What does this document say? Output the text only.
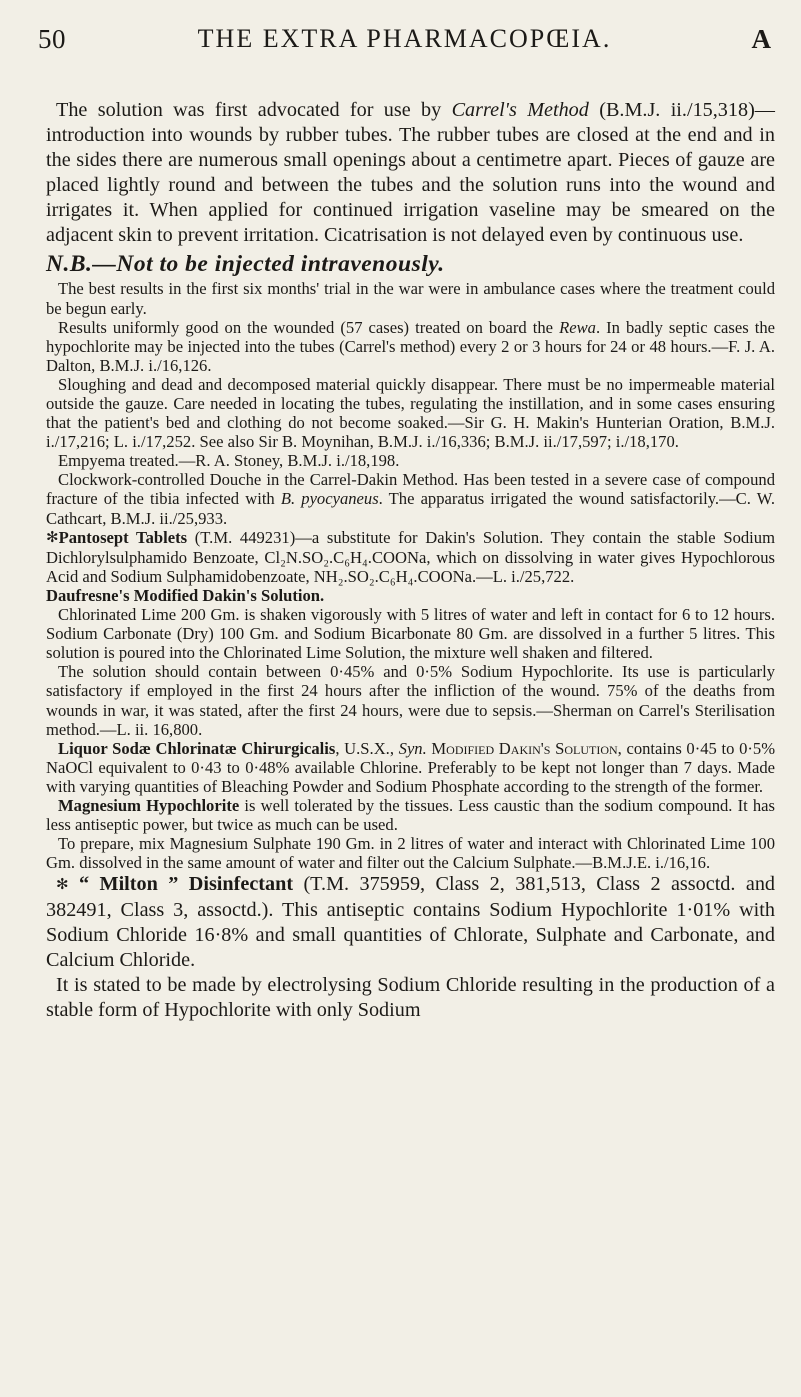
50	THE EXTRA PHARMACOPŒIA.	A

The solution was first advocated for use by Carrel's Method (B.M.J. ii./15,318)—introduction into wounds by rubber tubes. The rubber tubes are closed at the end and in the sides there are numerous small openings about a centimetre apart. Pieces of gauze are placed lightly round and between the tubes and the solution runs into the wound and irrigates it. When applied for continued irrigation vaseline may be smeared on the adjacent skin to prevent irritation. Cicatrisation is not delayed even by continuous use.

N.B.—Not to be injected intravenously.

The best results in the first six months' trial in the war were in ambulance cases where the treatment could be begun early.

Results uniformly good on the wounded (57 cases) treated on board the Rewa. In badly septic cases the hypochlorite may be injected into the tubes (Carrel's method) every 2 or 3 hours for 24 or 48 hours.—F. J. A. Dalton, B.M.J. i./16,126.

Sloughing and dead and decomposed material quickly disappear. There must be no impermeable material outside the gauze. Care needed in locating the tubes, regulating the instillation, and in some cases ensuring that the patient's bed and clothing do not become soaked.—Sir G. H. Makin's Hunterian Oration, B.M.J. i./17,216; L. i./17,252. See also Sir B. Moynihan, B.M.J. i./16,336; B.M.J. ii./17,597; i./18,170.

Empyema treated.—R. A. Stoney, B.M.J. i./18,198.

Clockwork-controlled Douche in the Carrel-Dakin Method. Has been tested in a severe case of compound fracture of the tibia infected with B. pyocyaneus. The apparatus irrigated the wound satisfactorily.—C. W. Cathcart, B.M.J. ii./25,933.

✻Pantosept Tablets (T.M. 449231)—a substitute for Dakin's Solution. They contain the stable Sodium Dichlorylsulphamido Benzoate, Cl₂N.SO₂.C₆H₄.COONa, which on dissolving in water gives Hypochlorous Acid and Sodium Sulphamidobenzoate, NH₂.SO₂.C₆H₄.COONa.—L. i./25,722.

Daufresne's Modified Dakin's Solution.

Chlorinated Lime 200 Gm. is shaken vigorously with 5 litres of water and left in contact for 6 to 12 hours. Sodium Carbonate (Dry) 100 Gm. and Sodium Bicarbonate 80 Gm. are dissolved in a further 5 litres. This solution is poured into the Chlorinated Lime Solution, the mixture well shaken and filtered.

The solution should contain between 0·45% and 0·5% Sodium Hypochlorite. Its use is particularly satisfactory if employed in the first 24 hours after the infliction of the wound. 75% of the deaths from wounds in war, it was stated, after the first 24 hours, were due to sepsis.—Sherman on Carrel's Sterilisation method.—L. ii. 16,800.

Liquor Sodæ Chlorinatæ Chirurgicalis, U.S.X., Syn. Modified Dakin's Solution, contains 0·45 to 0·5% NaOCl equivalent to 0·43 to 0·48% available Chlorine. Preferably to be kept not longer than 7 days. Made with varying quantities of Bleaching Powder and Sodium Phosphate according to the strength of the former.

Magnesium Hypochlorite is well tolerated by the tissues. Less caustic than the sodium compound. It has less antiseptic power, but twice as much can be used.

To prepare, mix Magnesium Sulphate 190 Gm. in 2 litres of water and interact with Chlorinated Lime 100 Gm. dissolved in the same amount of water and filter out the Calcium Sulphate.—B.M.J.E. i./16,16.

✻ “ Milton ” Disinfectant (T.M. 375959, Class 2, 381,513, Class 2 assoctd. and 382491, Class 3, assoctd.). This antiseptic contains Sodium Hypochlorite 1·01% with Sodium Chloride 16·8% and small quantities of Chlorate, Sulphate and Carbonate, and Calcium Chloride.

It is stated to be made by electrolysing Sodium Chloride resulting in the production of a stable form of Hypochlorite with only Sodium
